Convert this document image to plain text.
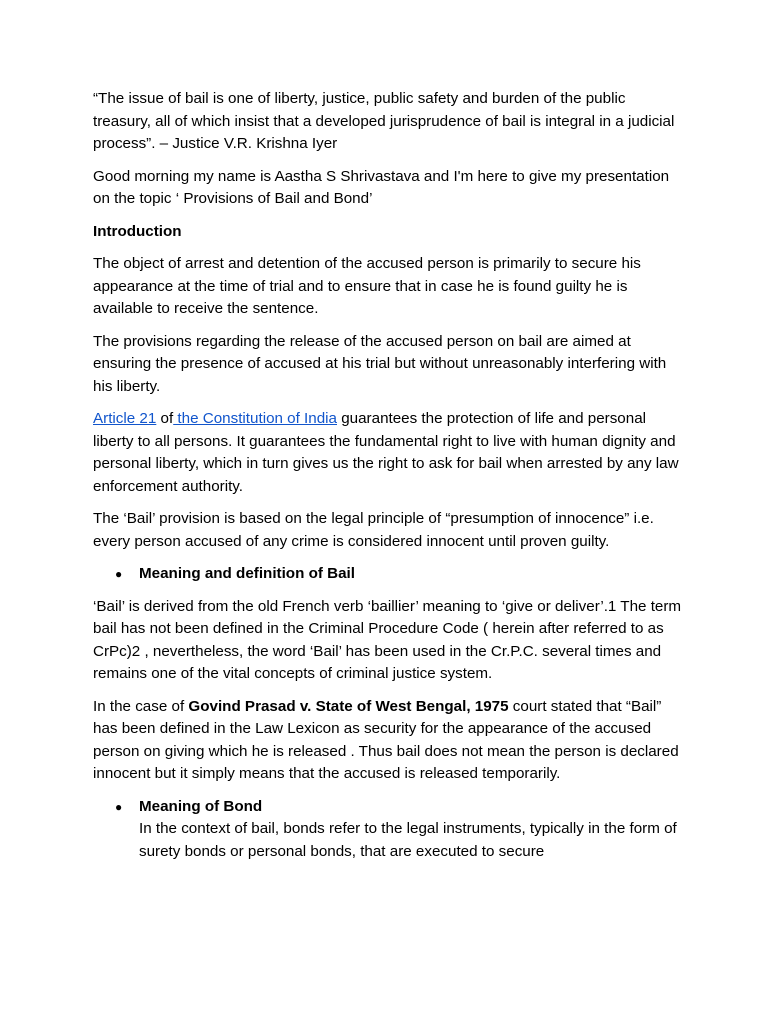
“The issue of bail is one of liberty, justice, public safety and burden of the public treasury, all of which insist that a developed jurisprudence of bail is integral in a judicial process”. – Justice V.R. Krishna Iyer

Good morning my name is Aastha S Shrivastava and I'm here to give my presentation on the topic ‘ Provisions of Bail and Bond’

Introduction

The object of arrest and detention of the accused person is primarily to secure his appearance at the time of trial and to ensure that in case he is found guilty he is available to receive the sentence.

The provisions regarding the release of the accused person on bail are aimed at ensuring the presence of accused at his trial but without unreasonably interfering with his liberty.

Article 21 of the Constitution of India guarantees the protection of life and personal liberty to all persons. It guarantees the fundamental right to live with human dignity and personal liberty, which in turn gives us the right to ask for bail when arrested by any law enforcement authority.

The ‘Bail’ provision is based on the legal principle of “presumption of innocence” i.e. every person accused of any crime is considered innocent until proven guilty.

● Meaning and definition of Bail

‘Bail’ is derived from the old French verb ‘baillier’ meaning to ‘give or deliver’.1 The term bail has not been defined in the Criminal Procedure Code ( herein after referred to as CrPc)2 , nevertheless, the word ‘Bail’ has been used in the Cr.P.C. several times and remains one of the vital concepts of criminal justice system.

In the case of Govind Prasad v. State of West Bengal, 1975 court stated that “Bail” has been defined in the Law Lexicon as security for the appearance of the accused person on giving which he is released . Thus bail does not mean the person is declared innocent but it simply means that the accused is released temporarily.

● Meaning of Bond
In the context of bail, bonds refer to the legal instruments, typically in the form of surety bonds or personal bonds, that are executed to secure
